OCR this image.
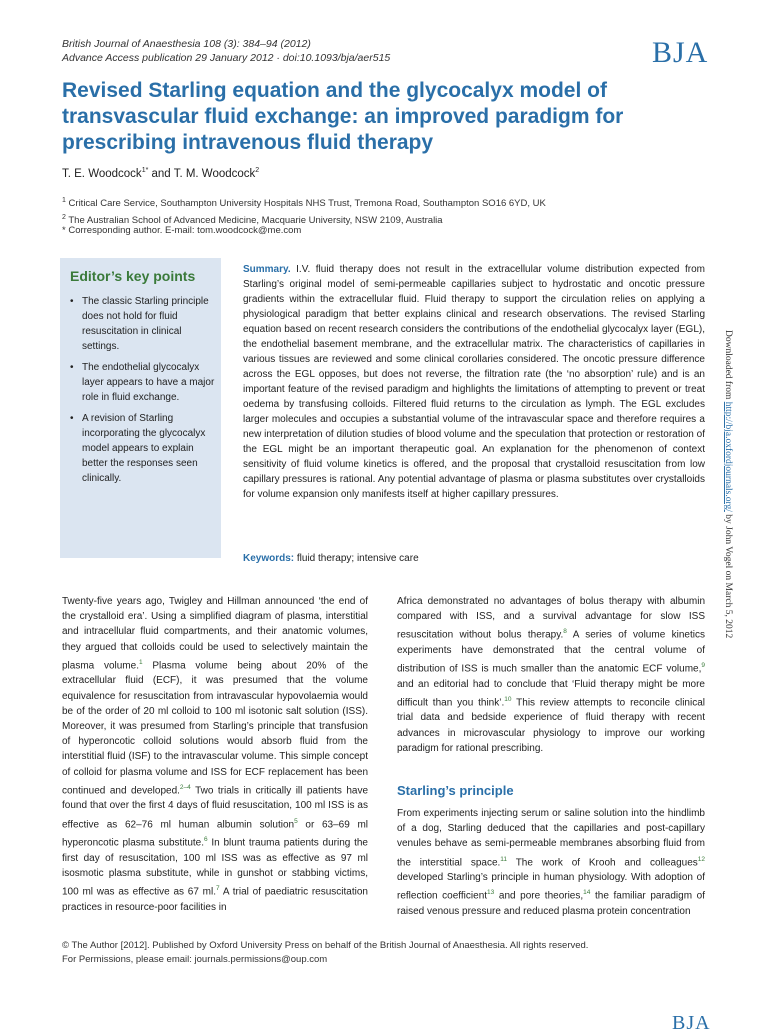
British Journal of Anaesthesia 108 (3): 384–94 (2012)
Advance Access publication 29 January 2012 · doi:10.1093/bja/aer515	BJA
Revised Starling equation and the glycocalyx model of transvascular fluid exchange: an improved paradigm for prescribing intravenous fluid therapy
T. E. Woodcock$^{1*}$ and T. M. Woodcock$^2$
$^1$ Critical Care Service, Southampton University Hospitals NHS Trust, Tremona Road, Southampton SO16 6YD, UK
$^2$ The Australian School of Advanced Medicine, Macquarie University, NSW 2109, Australia
* Corresponding author. E-mail: tom.woodcock@me.com
Editor’s key points
• The classic Starling principle does not hold for fluid resuscitation in clinical settings.
• The endothelial glycocalyx layer appears to have a major role in fluid exchange.
• A revision of Starling incorporating the glycocalyx model appears to explain better the responses seen clinically.
Summary. I.V. fluid therapy does not result in the extracellular volume distribution expected from Starling’s original model of semi-permeable capillaries subject to hydrostatic and oncotic pressure gradients within the extracellular fluid. Fluid therapy to support the circulation relies on applying a physiological paradigm that better explains clinical and research observations. The revised Starling equation based on recent research considers the contributions of the endothelial glycocalyx layer (EGL), the endothelial basement membrane, and the extracellular matrix. The characteristics of capillaries in various tissues are reviewed and some clinical corollaries considered. The oncotic pressure difference across the EGL opposes, but does not reverse, the filtration rate (the ‘no absorption’ rule) and is an important feature of the revised paradigm and highlights the limitations of attempting to prevent or treat oedema by transfusing colloids. Filtered fluid returns to the circulation as lymph. The EGL excludes larger molecules and occupies a substantial volume of the intravascular space and therefore requires a new interpretation of dilution studies of blood volume and the speculation that protection or restoration of the EGL might be an important therapeutic goal. An explanation for the phenomenon of context sensitivity of fluid volume kinetics is offered, and the proposal that crystalloid resuscitation from low capillary pressures is rational. Any potential advantage of plasma or plasma substitutes over crystalloids for volume expansion only manifests itself at higher capillary pressures.
Keywords: fluid therapy; intensive care
Twenty-five years ago, Twigley and Hillman announced ‘the end of the crystalloid era’. Using a simplified diagram of plasma, interstitial and intracellular fluid compartments, and their anatomic volumes, they argued that colloids could be used to selectively maintain the plasma volume.$^1$ Plasma volume being about 20% of the extracellular fluid (ECF), it was presumed that the volume equivalence for resuscitation from intravascular hypovolaemia would be of the order of 20 ml colloid to 100 ml isotonic salt solution (ISS). Moreover, it was presumed from Starling’s principle that transfusion of hyperoncotic colloid solutions would absorb fluid from the interstitial fluid (ISF) to the intravascular volume. This simple concept of colloid for plasma volume and ISS for ECF replacement has been continued and developed.$^{2-4}$ Two trials in critically ill patients have found that over the first 4 days of fluid resuscitation, 100 ml ISS is as effective as 62–76 ml human albumin solution$^5$ or 63–69 ml hyperoncotic plasma substitute.$^6$ In blunt trauma patients during the first day of resuscitation, 100 ml ISS was as effective as 97 ml isosmotic plasma substitute, while in gunshot or stabbing victims, 100 ml was as effective as 67 ml.$^7$ A trial of paediatric resuscitation practices in resource-poor facilities in
Africa demonstrated no advantages of bolus therapy with albumin compared with ISS, and a survival advantage for slow ISS resuscitation without bolus therapy.$^8$ A series of volume kinetics experiments have demonstrated that the central volume of distribution of ISS is much smaller than the anatomic ECF volume,$^9$ and an editorial had to conclude that ‘Fluid therapy might be more difficult than you think’.$^{10}$ This review attempts to reconcile clinical trial data and bedside experience of fluid therapy with recent advances in microvascular physiology to improve our working paradigm for rational prescribing.
Starling’s principle
From experiments injecting serum or saline solution into the hindlimb of a dog, Starling deduced that the capillaries and post-capillary venules behave as semi-permeable membranes absorbing fluid from the interstitial space.$^{11}$ The work of Krooh and colleagues$^{12}$ developed Starling’s principle in human physiology. With adoption of reflection coefficient$^{13}$ and pore theories,$^{14}$ the familiar paradigm of raised venous pressure and reduced plasma protein concentration
© The Author [2012]. Published by Oxford University Press on behalf of the British Journal of Anaesthesia. All rights reserved.
For Permissions, please email: journals.permissions@oup.com
Downloaded from http://bja.oxfordjournals.org/ by John Vogel on March 5, 2012
BJA
